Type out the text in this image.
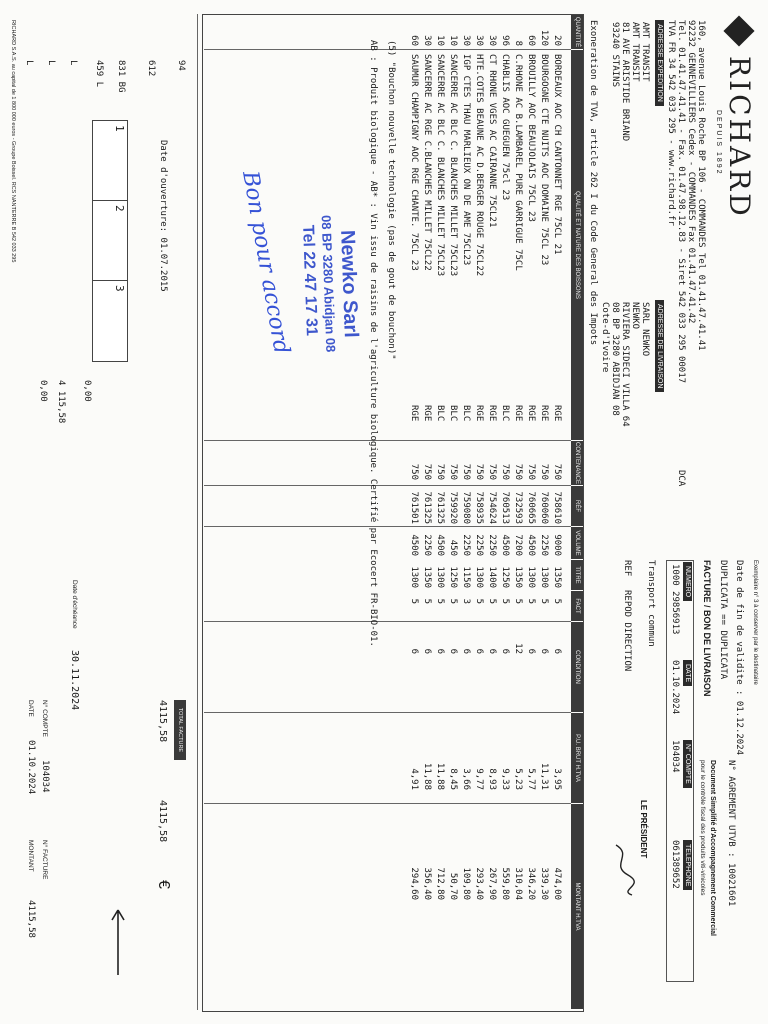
RICHARD
DEPUIS 1892
160, avenue Louis Roche BP 106 - COMMANDES Tel 01.41.47.41.41
92232 GENNEVILLIERS Cedex - COMMANDES Fax 01.41.47.41.42
Tel. 01.41.47.41.41 - Fax. 01.47.98.12.83 - Siret 542 033 295 00017
TVA FR 34 542 033 295 - www.richard.fr
DCA
Exemplaire n° 3 à conserver par le destinataire
Date de fin de validite : 01.12.2024
DUPLICATA == DUPLICATA
N° AGREMENT UTVB : 10021601
FACTURE / BON DE LIVRAISON
Document Simplifié d'Accompagnement Commercial
pour le contrôle fiscal des produits viti-vinicoles
NUMERO
1000 29856913
DATE
01.10.2024
N° COMPTE
104034
TELEPHONE
061389652
ADRESSE EXPEDITION
AMT TRANSIT
AMT TRANSIT
81 AVE ARISTIDE BRIAND
93240 STAINS
ADRESSE DE LIVRAISON
SARL NEWKO
NEWKO
RIVIERA SIDECI VILLA 64
08 BP 3280 ABIDJAN 08
Cote-d'Ivoire
Transport commun
REF
REPOD DIRECTION
LE PRÉSIDENT
Exoneration de TVA, article 262 I du Code General des Impots
QUANTITÉ
QUALITÉ ET NATURE DES BOISSONS
CONTENANCE
RÉF
VOLUME
TITRE
FACT
CONDITION
P.U. BRUT H.TVA
MONTANT H.TVA
(5) "Bouchon nouvelle technologie (pas de gout de bouchon)"
AB : Produit biologique - AB* : Vin issu de raisins de l'agriculture biologique. Certifié par Ecocert FR-BIO-01.
Newko Sarl
08 BP 3280 Abidjan 08
Tel 22 47 17 31
Bon pour accord
94
612
831 BG
459 L
L
L
L
Date d'ouverture: 01.07.2015
1
2
3
4 115,58 0,00
0,00
TOTAL FACTURE
4115,58
4115,58
€
Date d'échéance
30.11.2024
N° COMPTE
104034
N° FACTURE
DATE
01.10.2024
MONTANT
4115,58
RICHARD S.A.S. au capital de 1 800 000 euros - Groupe Boissel. RCS NANTERRE B 542 033 295	20
BORDEAUX AOC CH CANTONNET RGE 75CL 21
RGE
750
758610
9000
1350
5
6
3,95
474,00
120
BOURGOGNE CTE NUITS AOC DOMAINE 75CL 23
RGE
750
760060
2250
1300
5
6
11,31
339,30
60
BROUILLY AOC BEAUJOLAIS 75CL 23
RGE
750
760665
4500
1300
5
6
5,77
346,20
8
C.RHONE AC B.LAMBAREL PURE GARRIGUE 75CL
RGE
750
732593
7200
1350
5
12
5,23
310,04
96
CHABLIS AOC GUEGUEN 75cl 23
BLC
750
760513
4500
1250
5
6
9,33
559,80
30
CT RHONE VGES AC CAIRANNE 75CL21
RGE
750
754624
2250
1400
5
6
8,93
267,90
30
HTE.COTES BEAUNE AC D.BERGER ROUGE 75CL22
RGE
750
758935
2250
1300
5
6
9,77
293,40
30
IGP CTES THAU MARLIEUX ON DE AME 75CL23
BLC
750
759080
2250
1150
3
6
3,66
109,80
10
SANCERRE AC BLC C. BLANCHES MILLET 75CL23
BLC
750
759920
450
1250
5
6
8,45
50,70
10
SANCERRE AC BLC C. BLANCHES MILLET 75CL23
BLC
750
761325
4500
1300
5
6
11,88
712,80
30
SANCERRE AC RGE C.BLANCHES MILLET 75CL22
RGE
750
761325
2250
1350
5
6
11,88
356,40
60
SAUMUR CHAMPIGNY AOC RGE CHANTE. 75CL 23
RGE
750
761501
4500
1300
5
6
4,91
294,60
